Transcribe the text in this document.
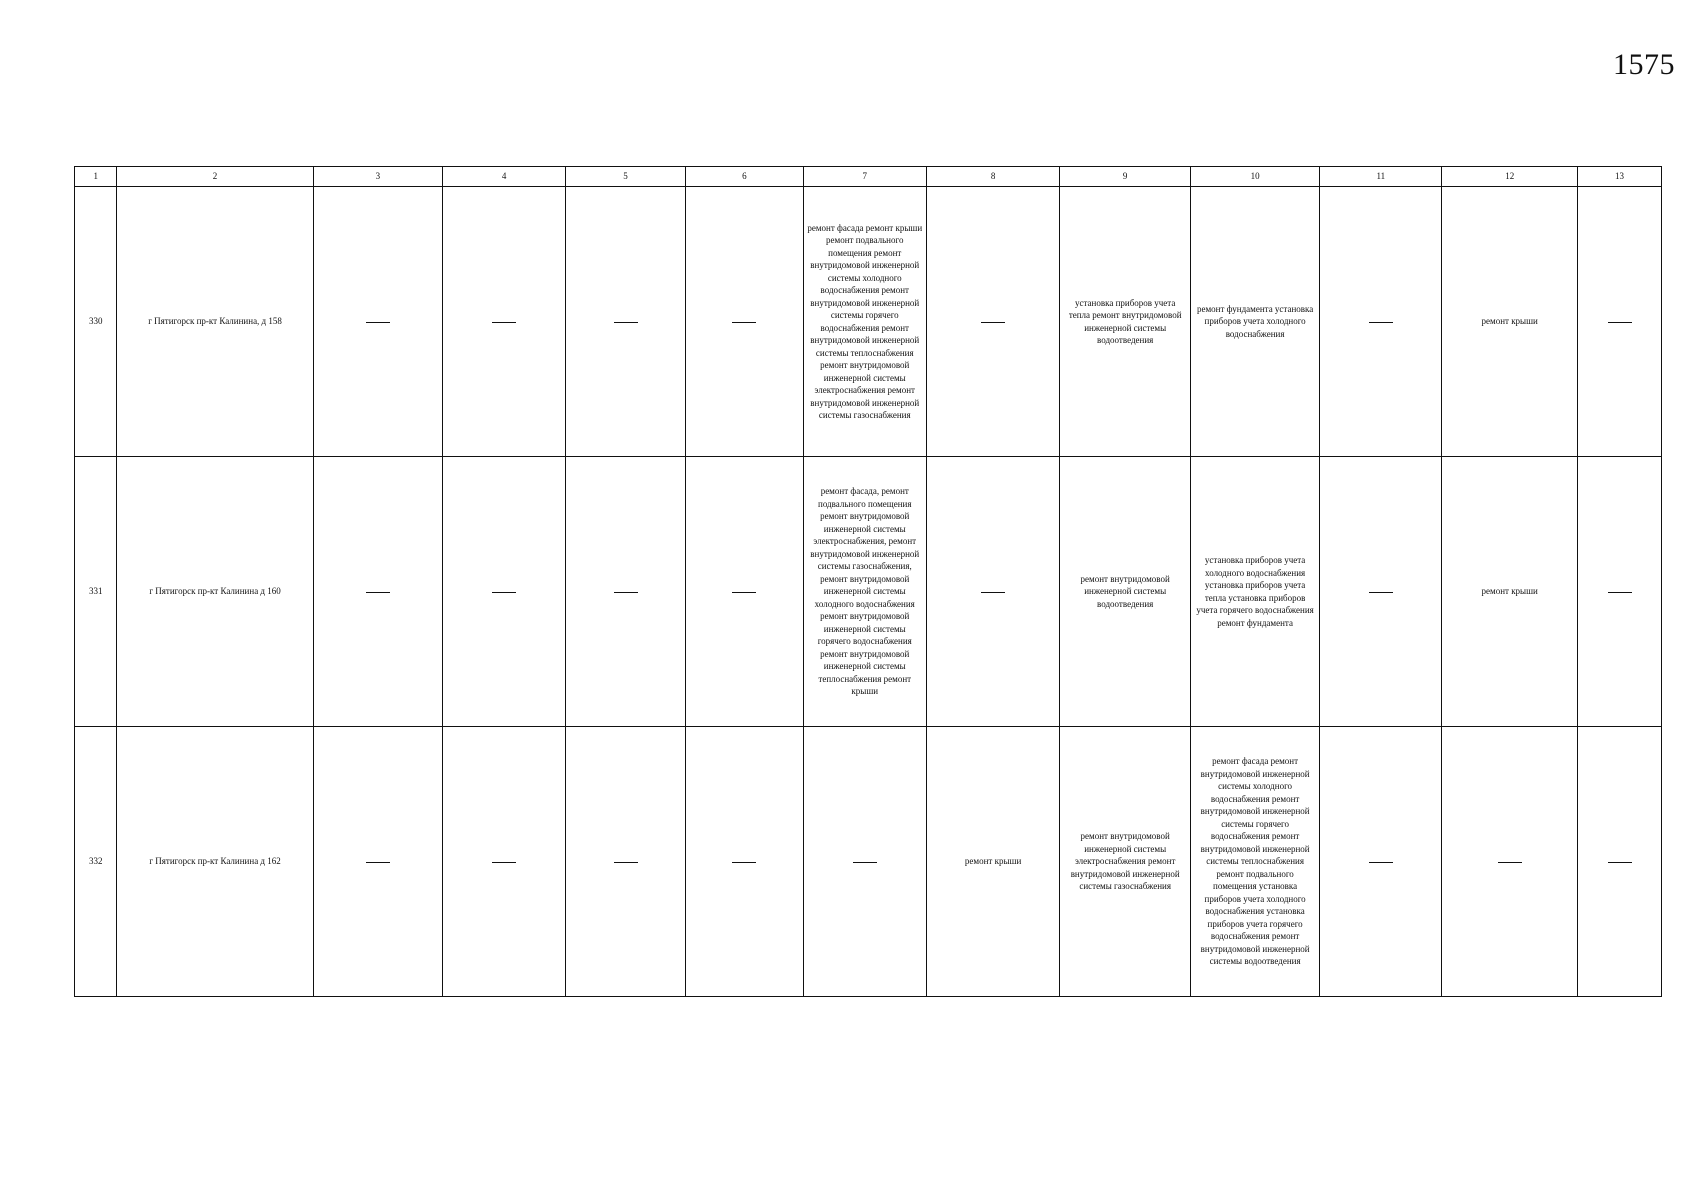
1575
1	2	3	4	5	6	7	8	9	10	11	12	13
330	г Пятигорск пр-кт Калинина, д 158					ремонт фасада ремонт крыши ремонт подвального помещения ремонт внутридомовой инженерной системы холодного водоснабжения ремонт внутридомовой инженерной системы горячего водоснабжения ремонт внутридомовой инженерной системы теплоснабжения ремонт внутридомовой инженерной системы электроснабжения ремонт внутридомовой инженерной системы газоснабжения		установка приборов учета тепла ремонт внутридомовой инженерной системы водоотведения	ремонт фундамента установка приборов учета холодного водоснабжения		ремонт крыши	
331	г Пятигорск пр-кт Калинина д 160					ремонт фасада, ремонт подвального помещения ремонт внутридомовой инженерной системы электроснабжения, ремонт внутридомовой инженерной системы газоснабжения, ремонт внутридомовой инженерной системы холодного водоснабжения ремонт внутридомовой инженерной системы горячего водоснабжения ремонт внутридомовой инженерной системы теплоснабжения ремонт крыши		ремонт внутридомовой инженерной системы водоотведения	установка приборов учета холодного водоснабжения установка приборов учета тепла установка приборов учета горячего водоснабжения ремонт фундамента		ремонт крыши	
332	г Пятигорск пр-кт Калинина д 162						ремонт крыши	ремонт внутридомовой инженерной системы электроснабжения ремонт внутридомовой инженерной системы газоснабжения	ремонт фасада ремонт внутридомовой инженерной системы холодного водоснабжения ремонт внутридомовой инженерной системы горячего водоснабжения ремонт внутридомовой инженерной системы теплоснабжения ремонт подвального помещения установка приборов учета холодного водоснабжения установка приборов учета горячего водоснабжения ремонт внутридомовой инженерной системы водоотведения			
